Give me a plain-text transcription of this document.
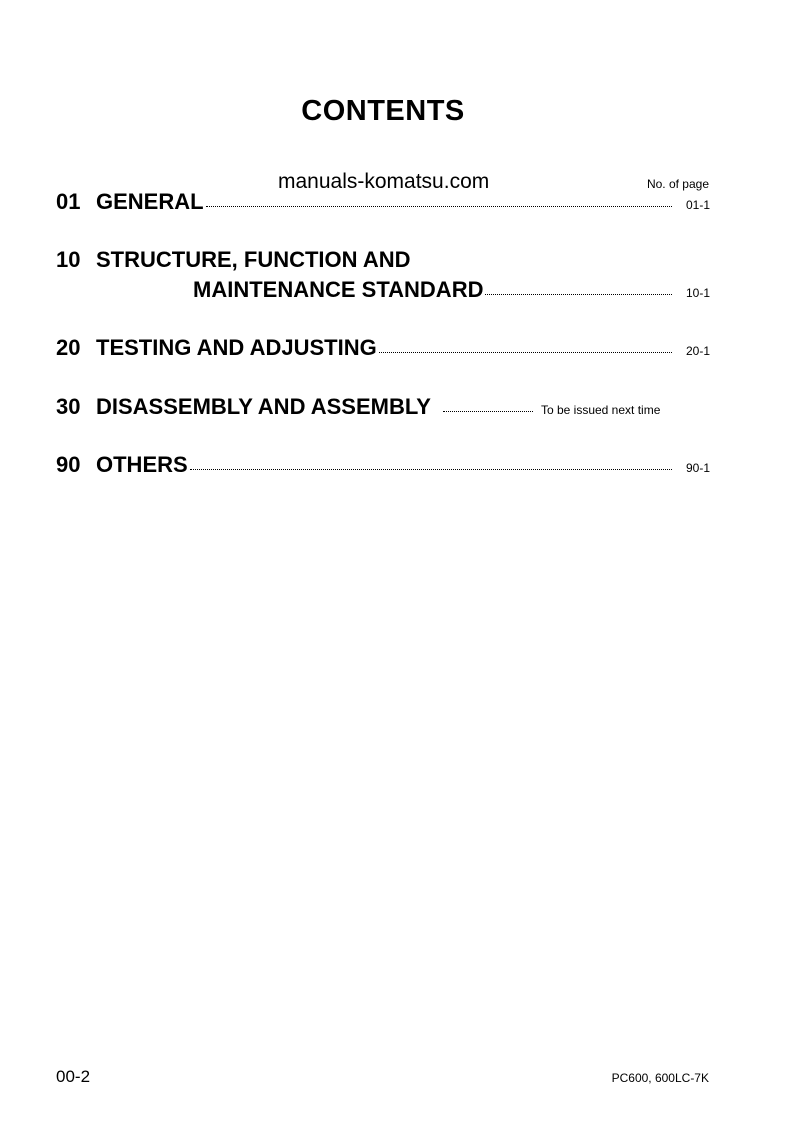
CONTENTS
manuals-komatsu.com	No. of page
01 GENERAL	01-1
10 STRUCTURE, FUNCTION AND
MAINTENANCE STANDARD	10-1
20 TESTING AND ADJUSTING	20-1
30 DISASSEMBLY AND ASSEMBLY	To be issued next time
90 OTHERS	90-1
00-2	PC600, 600LC-7K
